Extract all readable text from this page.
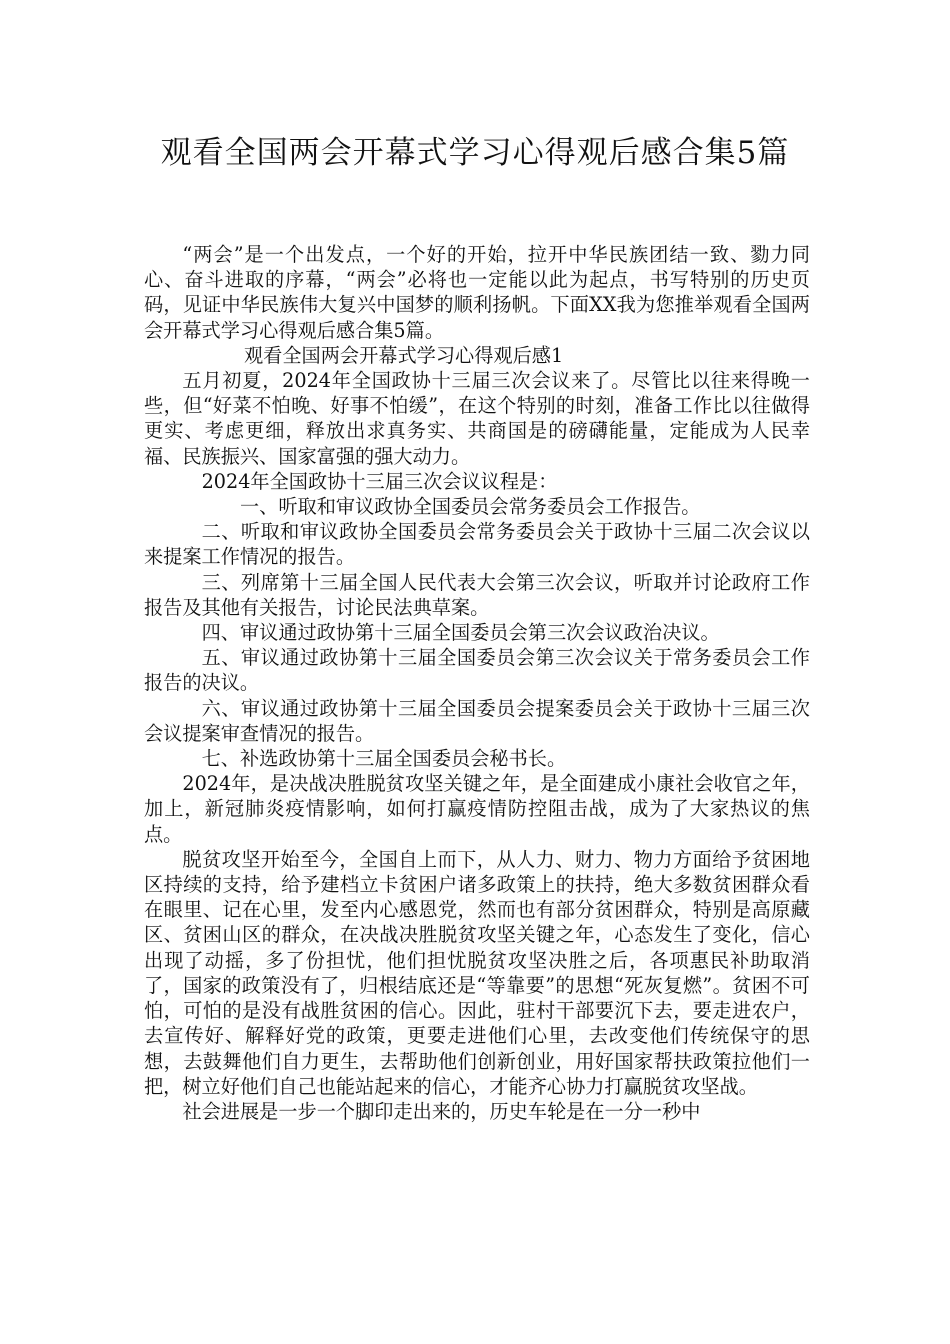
观看全国两会开幕式学习心得观后感合集5篇

“两会”是一个出发点，一个好的开始，拉开中华民族团结一致、勠力同心、奋斗进取的序幕，“两会”必将也一定能以此为起点，书写特别的历史页码，见证中华民族伟大复兴中国梦的顺利扬帆。下面XX我为您推举观看全国两会开幕式学习心得观后感合集5篇。

观看全国两会开幕式学习心得观后感1

五月初夏，2024年全国政协十三届三次会议来了。尽管比以往来得晚一些，但“好菜不怕晚、好事不怕缓”，在这个特别的时刻，准备工作比以往做得更实、考虑更细，释放出求真务实、共商国是的磅礴能量，定能成为人民幸福、民族振兴、国家富强的强大动力。

2024年全国政协十三届三次会议议程是：

一、听取和审议政协全国委员会常务委员会工作报告。

二、听取和审议政协全国委员会常务委员会关于政协十三届二次会议以来提案工作情况的报告。

三、列席第十三届全国人民代表大会第三次会议，听取并讨论政府工作报告及其他有关报告，讨论民法典草案。

四、审议通过政协第十三届全国委员会第三次会议政治决议。

五、审议通过政协第十三届全国委员会第三次会议关于常务委员会工作报告的决议。

六、审议通过政协第十三届全国委员会提案委员会关于政协十三届三次会议提案审查情况的报告。

七、补选政协第十三届全国委员会秘书长。

2024年，是决战决胜脱贫攻坚关键之年，是全面建成小康社会收官之年，加上，新冠肺炎疫情影响，如何打赢疫情防控阻击战，成为了大家热议的焦点。

脱贫攻坚开始至今，全国自上而下，从人力、财力、物力方面给予贫困地区持续的支持，给予建档立卡贫困户诸多政策上的扶持，绝大多数贫困群众看在眼里、记在心里，发至内心感恩党，然而也有部分贫困群众，特别是高原藏区、贫困山区的群众，在决战决胜脱贫攻坚关键之年，心态发生了变化，信心出现了动摇，多了份担忧，他们担忧脱贫攻坚决胜之后，各项惠民补助取消了，国家的政策没有了，归根结底还是“等靠要”的思想“死灰复燃”。贫困不可怕，可怕的是没有战胜贫困的信心。因此，驻村干部要沉下去，要走进农户，去宣传好、解释好党的政策，更要走进他们心里，去改变他们传统保守的思想，去鼓舞他们自力更生，去帮助他们创新创业，用好国家帮扶政策拉他们一把，树立好他们自己也能站起来的信心，才能齐心协力打赢脱贫攻坚战。

社会进展是一步一个脚印走出来的，历史车轮是在一分一秒中
